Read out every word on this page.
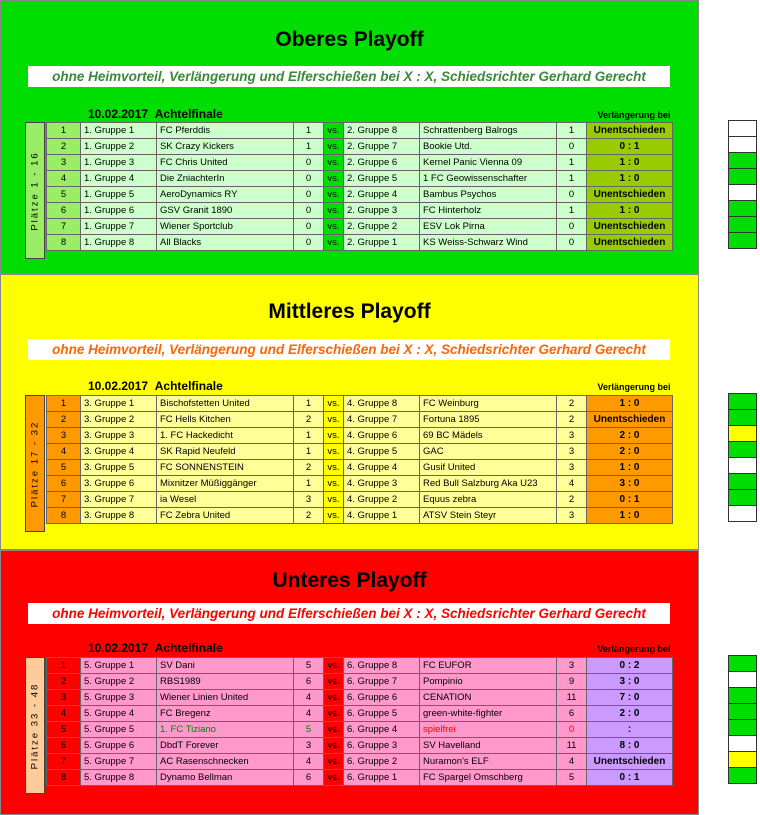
Oberes Playoff
ohne Heimvorteil, Verlängerung und Elferschießen bei X : X, Schiedsrichter Gerhard Gerecht
10.02.2017 Achtelfinale	Verlängerung bei
Plätze 1 - 16
1	1. Gruppe 1	FC Pferddis	1	vs.	2. Gruppe 8	Schrattenberg Balrogs	1	Unentschieden
2	1. Gruppe 2	SK Crazy Kickers	1	vs.	2. Gruppe 7	Bookie Utd.	0	0 : 1
3	1. Gruppe 3	FC Chris United	0	vs.	2. Gruppe 6	Kernel Panic Vienna 09	1	1 : 0
4	1. Gruppe 4	Die ZniachterIn	0	vs.	2. Gruppe 5	1 FC Geowissenschafter	1	1 : 0
5	1. Gruppe 5	AeroDynamics RY	0	vs.	2. Gruppe 4	Bambus Psychos	0	Unentschieden
6	1. Gruppe 6	GSV Granit 1890	0	vs.	2. Gruppe 3	FC Hinterholz	1	1 : 0
7	1. Gruppe 7	Wiener Sportclub	0	vs.	2. Gruppe 2	ESV Lok Pirna	0	Unentschieden
8	1. Gruppe 8	All Blacks	0	vs.	2. Gruppe 1	KS Weiss-Schwarz Wind	0	Unentschieden
Mittleres Playoff
ohne Heimvorteil, Verlängerung und Elferschießen bei X : X, Schiedsrichter Gerhard Gerecht
10.02.2017 Achtelfinale	Verlängerung bei
Plätze 17 - 32
1	3. Gruppe 1	Bischofstetten United	1	vs.	4. Gruppe 8	FC Weinburg	2	1 : 0
2	3. Gruppe 2	FC Hells Kitchen	2	vs.	4. Gruppe 7	Fortuna 1895	2	Unentschieden
3	3. Gruppe 3	1. FC Hackedicht	1	vs.	4. Gruppe 6	69 BC Mädels	3	2 : 0
4	3. Gruppe 4	SK Rapid Neufeld	1	vs.	4. Gruppe 5	GAC	3	2 : 0
5	3. Gruppe 5	FC SONNENSTEIN	2	vs.	4. Gruppe 4	Gusif United	3	1 : 0
6	3. Gruppe 6	Mixnitzer Müßiggänger	1	vs.	4. Gruppe 3	Red Bull Salzburg Aka U23	4	3 : 0
7	3. Gruppe 7	ia Wesel	3	vs.	4. Gruppe 2	Equus zebra	2	0 : 1
8	3. Gruppe 8	FC Zebra United	2	vs.	4. Gruppe 1	ATSV Stein Steyr	3	1 : 0
Unteres Playoff
ohne Heimvorteil, Verlängerung und Elferschießen bei X : X, Schiedsrichter Gerhard Gerecht
10.02.2017 Achtelfinale	Verlängerung bei
Plätze 33 - 48
1	5. Gruppe 1	SV Dani	5	vs.	6. Gruppe 8	FC EUFOR	3	0 : 2
2	5. Gruppe 2	RBS1989	6	vs.	6. Gruppe 7	Pompinio	9	3 : 0
3	5. Gruppe 3	Wiener Linien United	4	vs.	6. Gruppe 6	CENATION	11	7 : 0
4	5. Gruppe 4	FC Bregenz	4	vs.	6. Gruppe 5	green-white-fighter	6	2 : 0
5	5. Gruppe 5	1. FC Tiziano	5	vs.	6. Gruppe 4	spielfrei	0	:
6	5. Gruppe 6	DbdT Forever	3	vs.	6. Gruppe 3	SV Havelland	11	8 : 0
7	5. Gruppe 7	AC Rasenschnecken	4	vs.	6. Gruppe 2	Nuramon's ELF	4	Unentschieden
8	5. Gruppe 8	Dynamo Bellman	6	vs.	6. Gruppe 1	FC Spargel Omschberg	5	0 : 1
